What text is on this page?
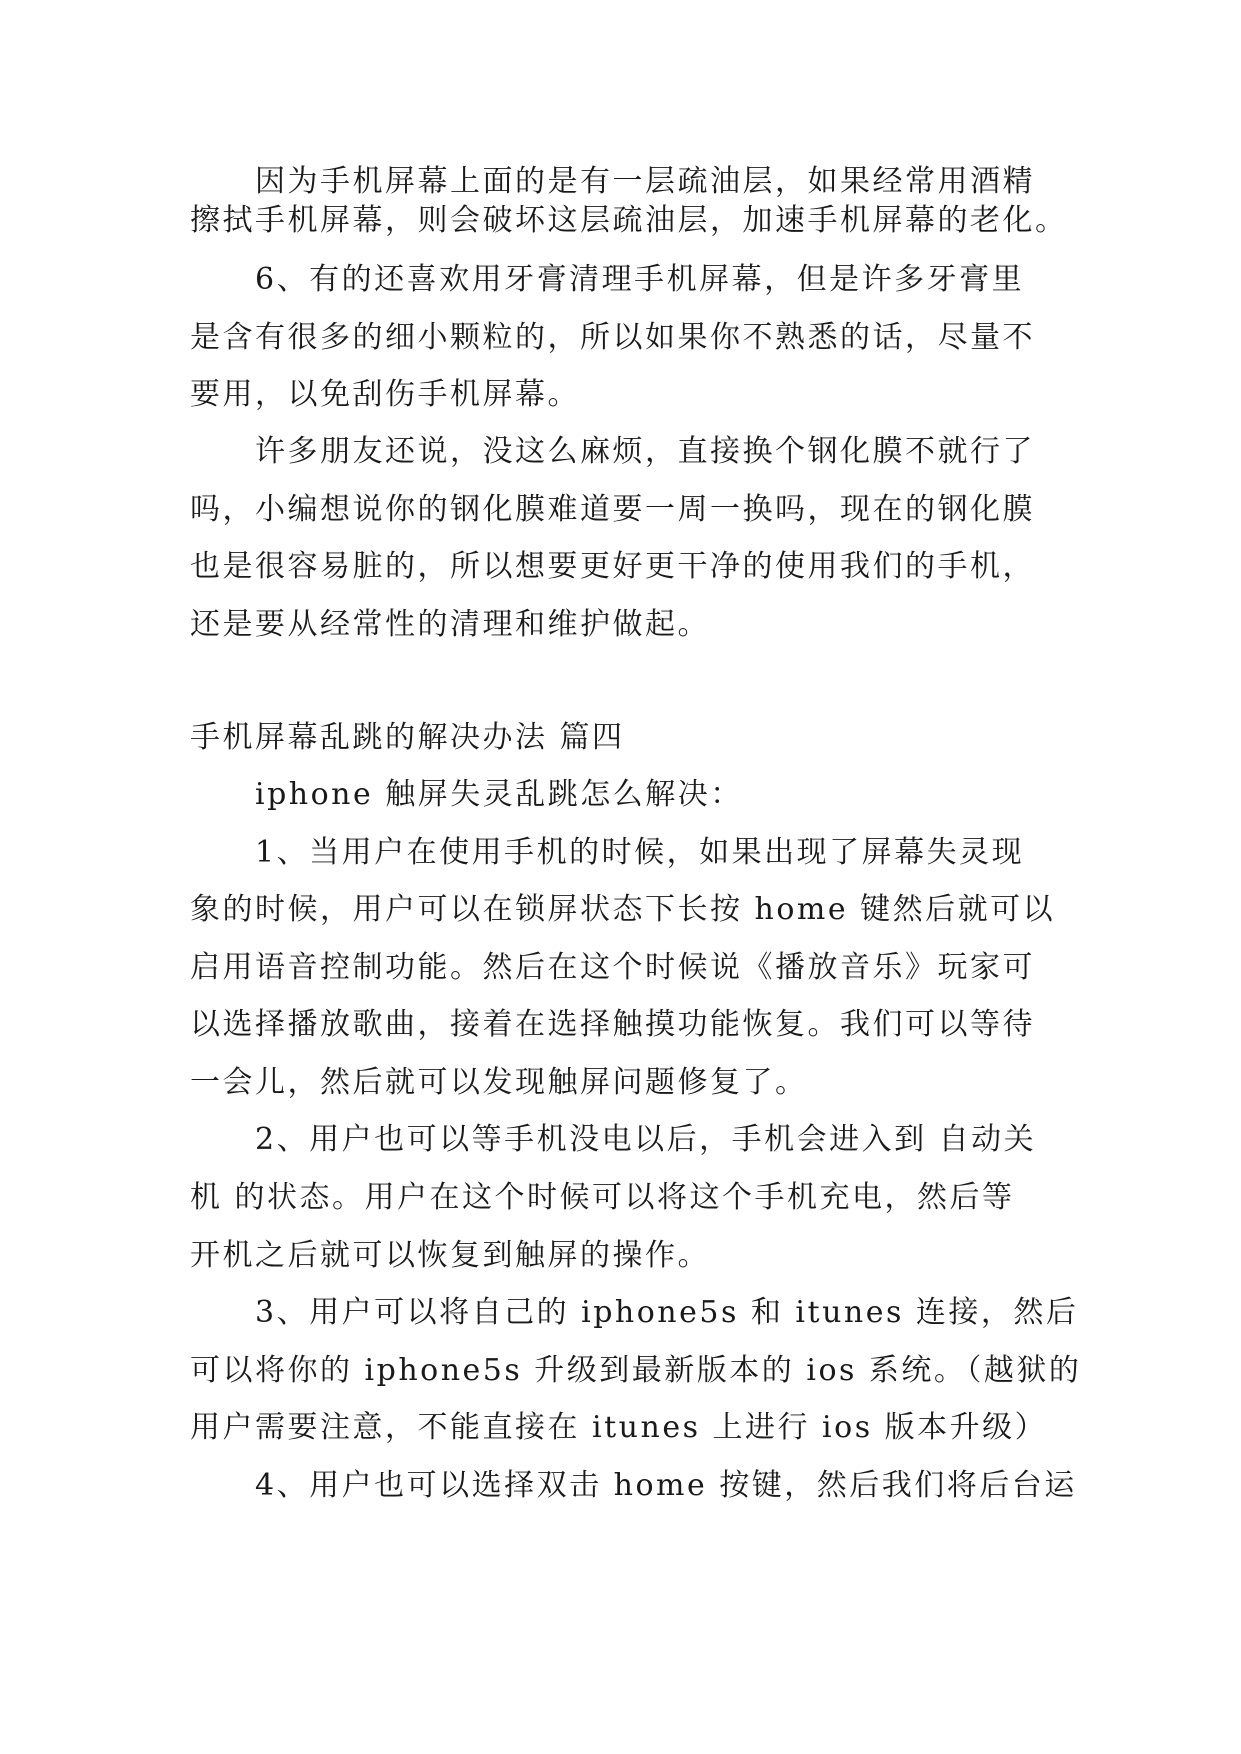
因为手机屏幕上面的是有一层疏油层，如果经常用酒精

擦拭手机屏幕，则会破坏这层疏油层，加速手机屏幕的老化。

6、有的还喜欢用牙膏清理手机屏幕，但是许多牙膏里

是含有很多的细小颗粒的，所以如果你不熟悉的话，尽量不

要用，以免刮伤手机屏幕。

许多朋友还说，没这么麻烦，直接换个钢化膜不就行了

吗，小编想说你的钢化膜难道要一周一换吗，现在的钢化膜

也是很容易脏的，所以想要更好更干净的使用我们的手机，

还是要从经常性的清理和维护做起。

手机屏幕乱跳的解决办法 篇四

iphone 触屏失灵乱跳怎么解决：

1、当用户在使用手机的时候，如果出现了屏幕失灵现

象的时候，用户可以在锁屏状态下长按 home 键然后就可以

启用语音控制功能。然后在这个时候说《播放音乐》玩家可

以选择播放歌曲，接着在选择触摸功能恢复。我们可以等待

一会儿，然后就可以发现触屏问题修复了。

2、用户也可以等手机没电以后，手机会进入到 自动关

机 的状态。用户在这个时候可以将这个手机充电，然后等

开机之后就可以恢复到触屏的操作。

3、用户可以将自己的 iphone5s 和 itunes 连接，然后

可以将你的 iphone5s 升级到最新版本的 ios 系统。（越狱的

用户需要注意，不能直接在 itunes 上进行 ios 版本升级）

4、用户也可以选择双击 home 按键，然后我们将后台运
